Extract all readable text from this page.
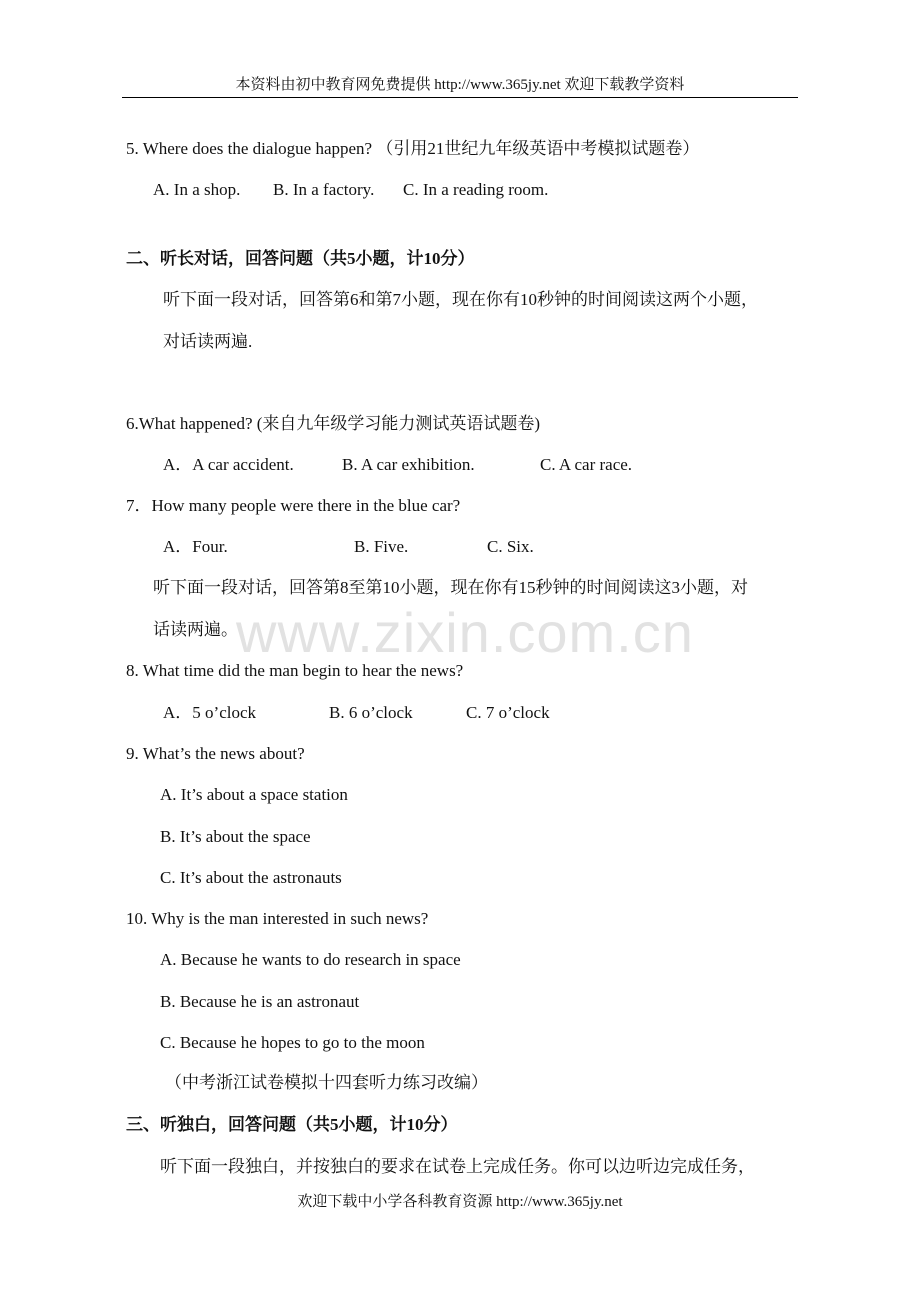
本资料由初中教育网免费提供 http://www.365jy.net 欢迎下载教学资料
5. Where does the dialogue happen? （引用21世纪九年级英语中考模拟试题卷）
A. In a shop. B. In a factory. C. In a reading room.
二、听长对话，回答问题（共5小题，计10分）
听下面一段对话，回答第6和第7小题，现在你有10秒钟的时间阅读这两个小题，
对话读两遍.
6.What happened? (来自九年级学习能力测试英语试题卷)
A．A car accident.	B. A car exhibition.	C. A car race.
7．How many people were there in the blue car?
A．Four.	B. Five.	C. Six.
听下面一段对话，回答第8至第10小题，现在你有15秒钟的时间阅读这3小题，对
话读两遍。
8. What time did the man begin to hear the news?
A．5 o’clock	B. 6 o’clock	C. 7 o’clock
9. What’s the news about?
A. It’s about a space station
B. It’s about the space
C. It’s about the astronauts
10. Why is the man interested in such news?
A. Because he wants to do research in space
B. Because he is an astronaut
C. Because he hopes to go to the moon
（中考浙江试卷模拟十四套听力练习改编）
三、听独白，回答问题（共5小题，计10分）
听下面一段独白，并按独白的要求在试卷上完成任务。你可以边听边完成任务，
www.zixin.com.cn
欢迎下载中小学各科教育资源 http://www.365jy.net
